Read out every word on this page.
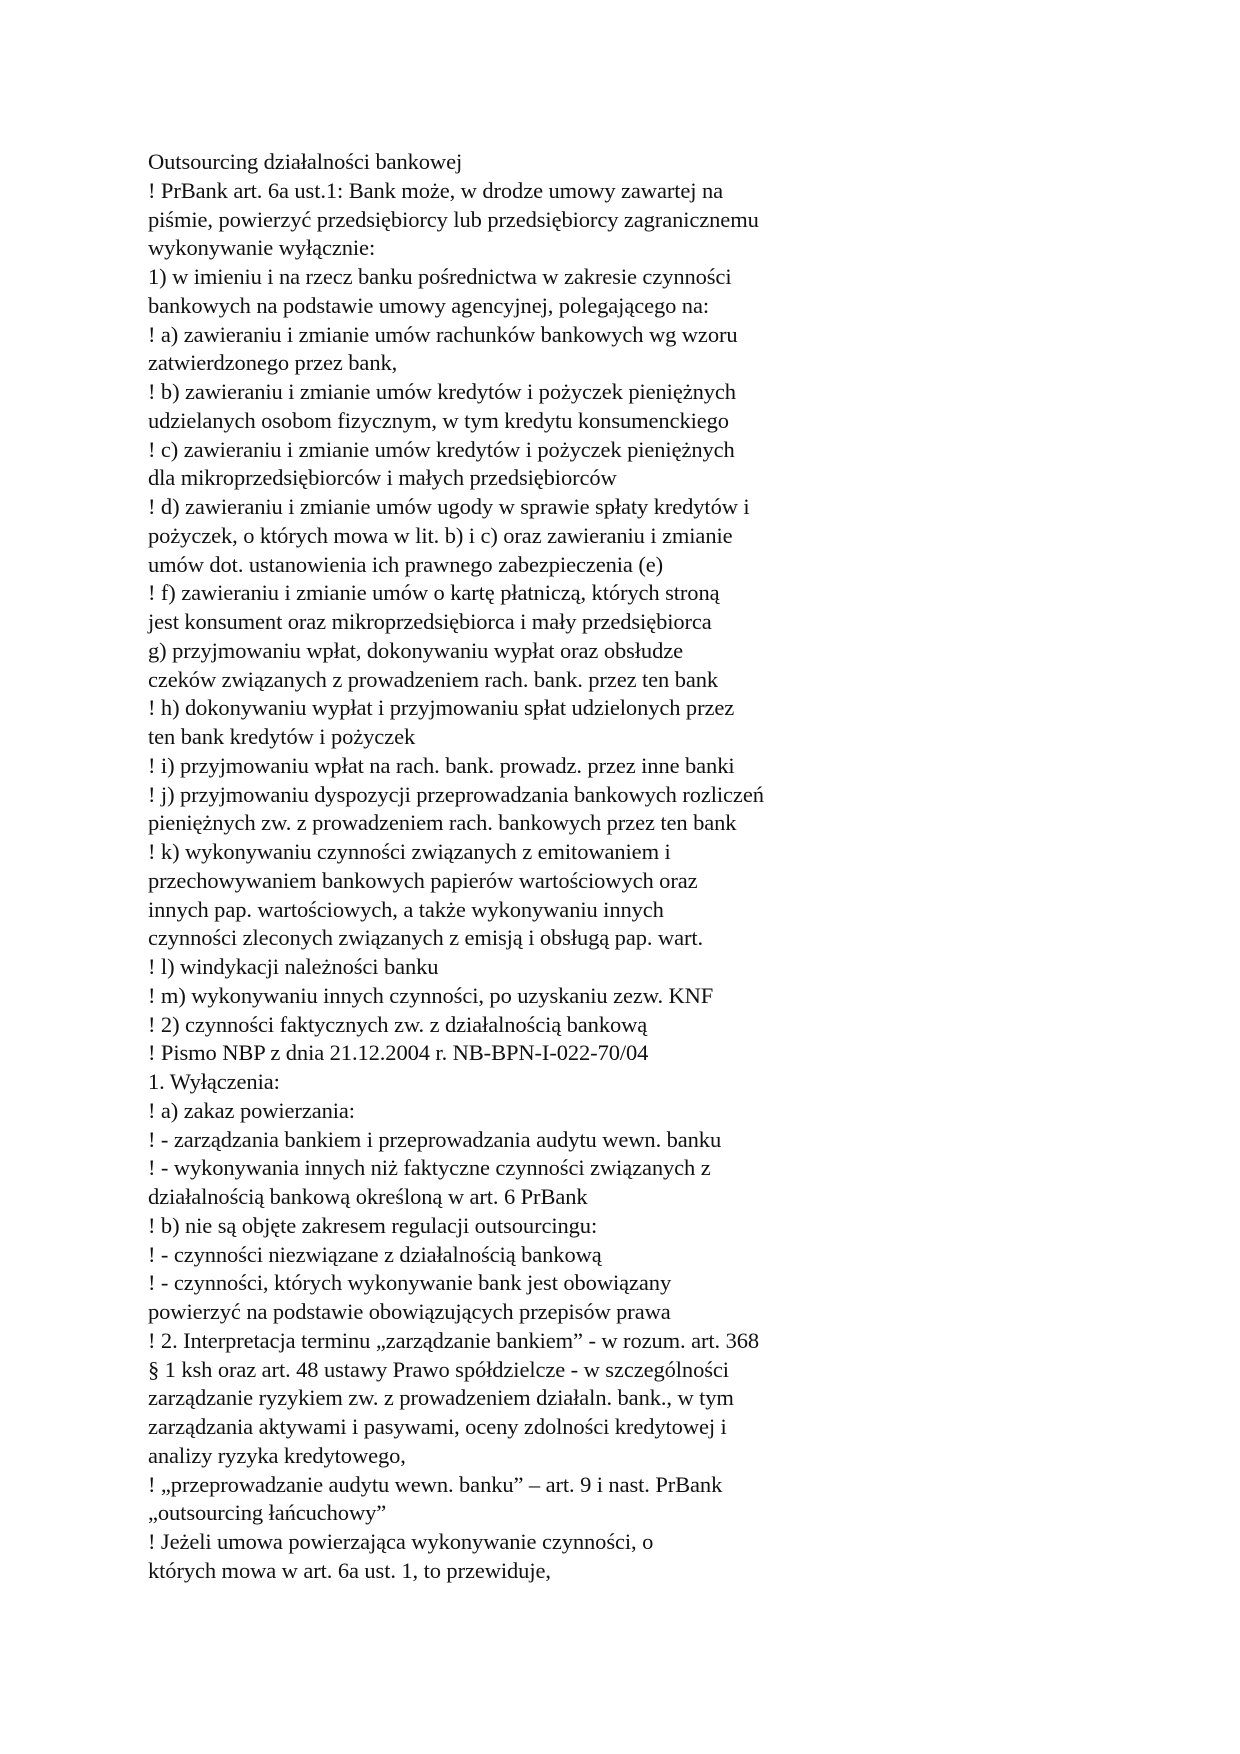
Outsourcing działalności bankowej
! PrBank art. 6a ust.1: Bank może, w drodze umowy zawartej na
piśmie, powierzyć przedsiębiorcy lub przedsiębiorcy zagranicznemu
wykonywanie wyłącznie:
1) w imieniu i na rzecz banku pośrednictwa w zakresie czynności
bankowych na podstawie umowy agencyjnej, polegającego na:
! a) zawieraniu i zmianie umów rachunków bankowych wg wzoru
zatwierdzonego przez bank,
! b) zawieraniu i zmianie umów kredytów i pożyczek pieniężnych
udzielanych osobom fizycznym, w tym kredytu konsumenckiego
! c) zawieraniu i zmianie umów kredytów i pożyczek pieniężnych
dla mikroprzedsiębiorców i małych przedsiębiorców
! d) zawieraniu i zmianie umów ugody w sprawie spłaty kredytów i
pożyczek, o których mowa w lit. b) i c) oraz zawieraniu i zmianie
umów dot. ustanowienia ich prawnego zabezpieczenia (e)
! f) zawieraniu i zmianie umów o kartę płatniczą, których stroną
jest konsument oraz mikroprzedsiębiorca i mały przedsiębiorca
g) przyjmowaniu wpłat, dokonywaniu wypłat oraz obsłudze
czeków związanych z prowadzeniem rach. bank. przez ten bank
! h) dokonywaniu wypłat i przyjmowaniu spłat udzielonych przez
ten bank kredytów i pożyczek
! i) przyjmowaniu wpłat na rach. bank. prowadz. przez inne banki
! j) przyjmowaniu dyspozycji przeprowadzania bankowych rozliczeń
pieniężnych zw. z prowadzeniem rach. bankowych przez ten bank
! k) wykonywaniu czynności związanych z emitowaniem i
przechowywaniem bankowych papierów wartościowych oraz
innych pap. wartościowych, a także wykonywaniu innych
czynności zleconych związanych z emisją i obsługą pap. wart.
! l) windykacji należności banku
! m) wykonywaniu innych czynności, po uzyskaniu zezw. KNF
! 2) czynności faktycznych zw. z działalnością bankową
! Pismo NBP z dnia 21.12.2004 r. NB-BPN-I-022-70/04
1. Wyłączenia:
! a) zakaz powierzania:
! - zarządzania bankiem i przeprowadzania audytu wewn. banku
! - wykonywania innych niż faktyczne czynności związanych z
działalnością bankową określoną w art. 6 PrBank
! b) nie są objęte zakresem regulacji outsourcingu:
! - czynności niezwiązane z działalnością bankową
! - czynności, których wykonywanie bank jest obowiązany
powierzyć na podstawie obowiązujących przepisów prawa
! 2. Interpretacja terminu „zarządzanie bankiem” - w rozum. art. 368
§ 1 ksh oraz art. 48 ustawy Prawo spółdzielcze - w szczególności
zarządzanie ryzykiem zw. z prowadzeniem działaln. bank., w tym
zarządzania aktywami i pasywami, oceny zdolności kredytowej i
analizy ryzyka kredytowego,
! „przeprowadzanie audytu wewn. banku” – art. 9 i nast. PrBank
„outsourcing łańcuchowy”
! Jeżeli umowa powierzająca wykonywanie czynności, o
których mowa w art. 6a ust. 1, to przewiduje,
